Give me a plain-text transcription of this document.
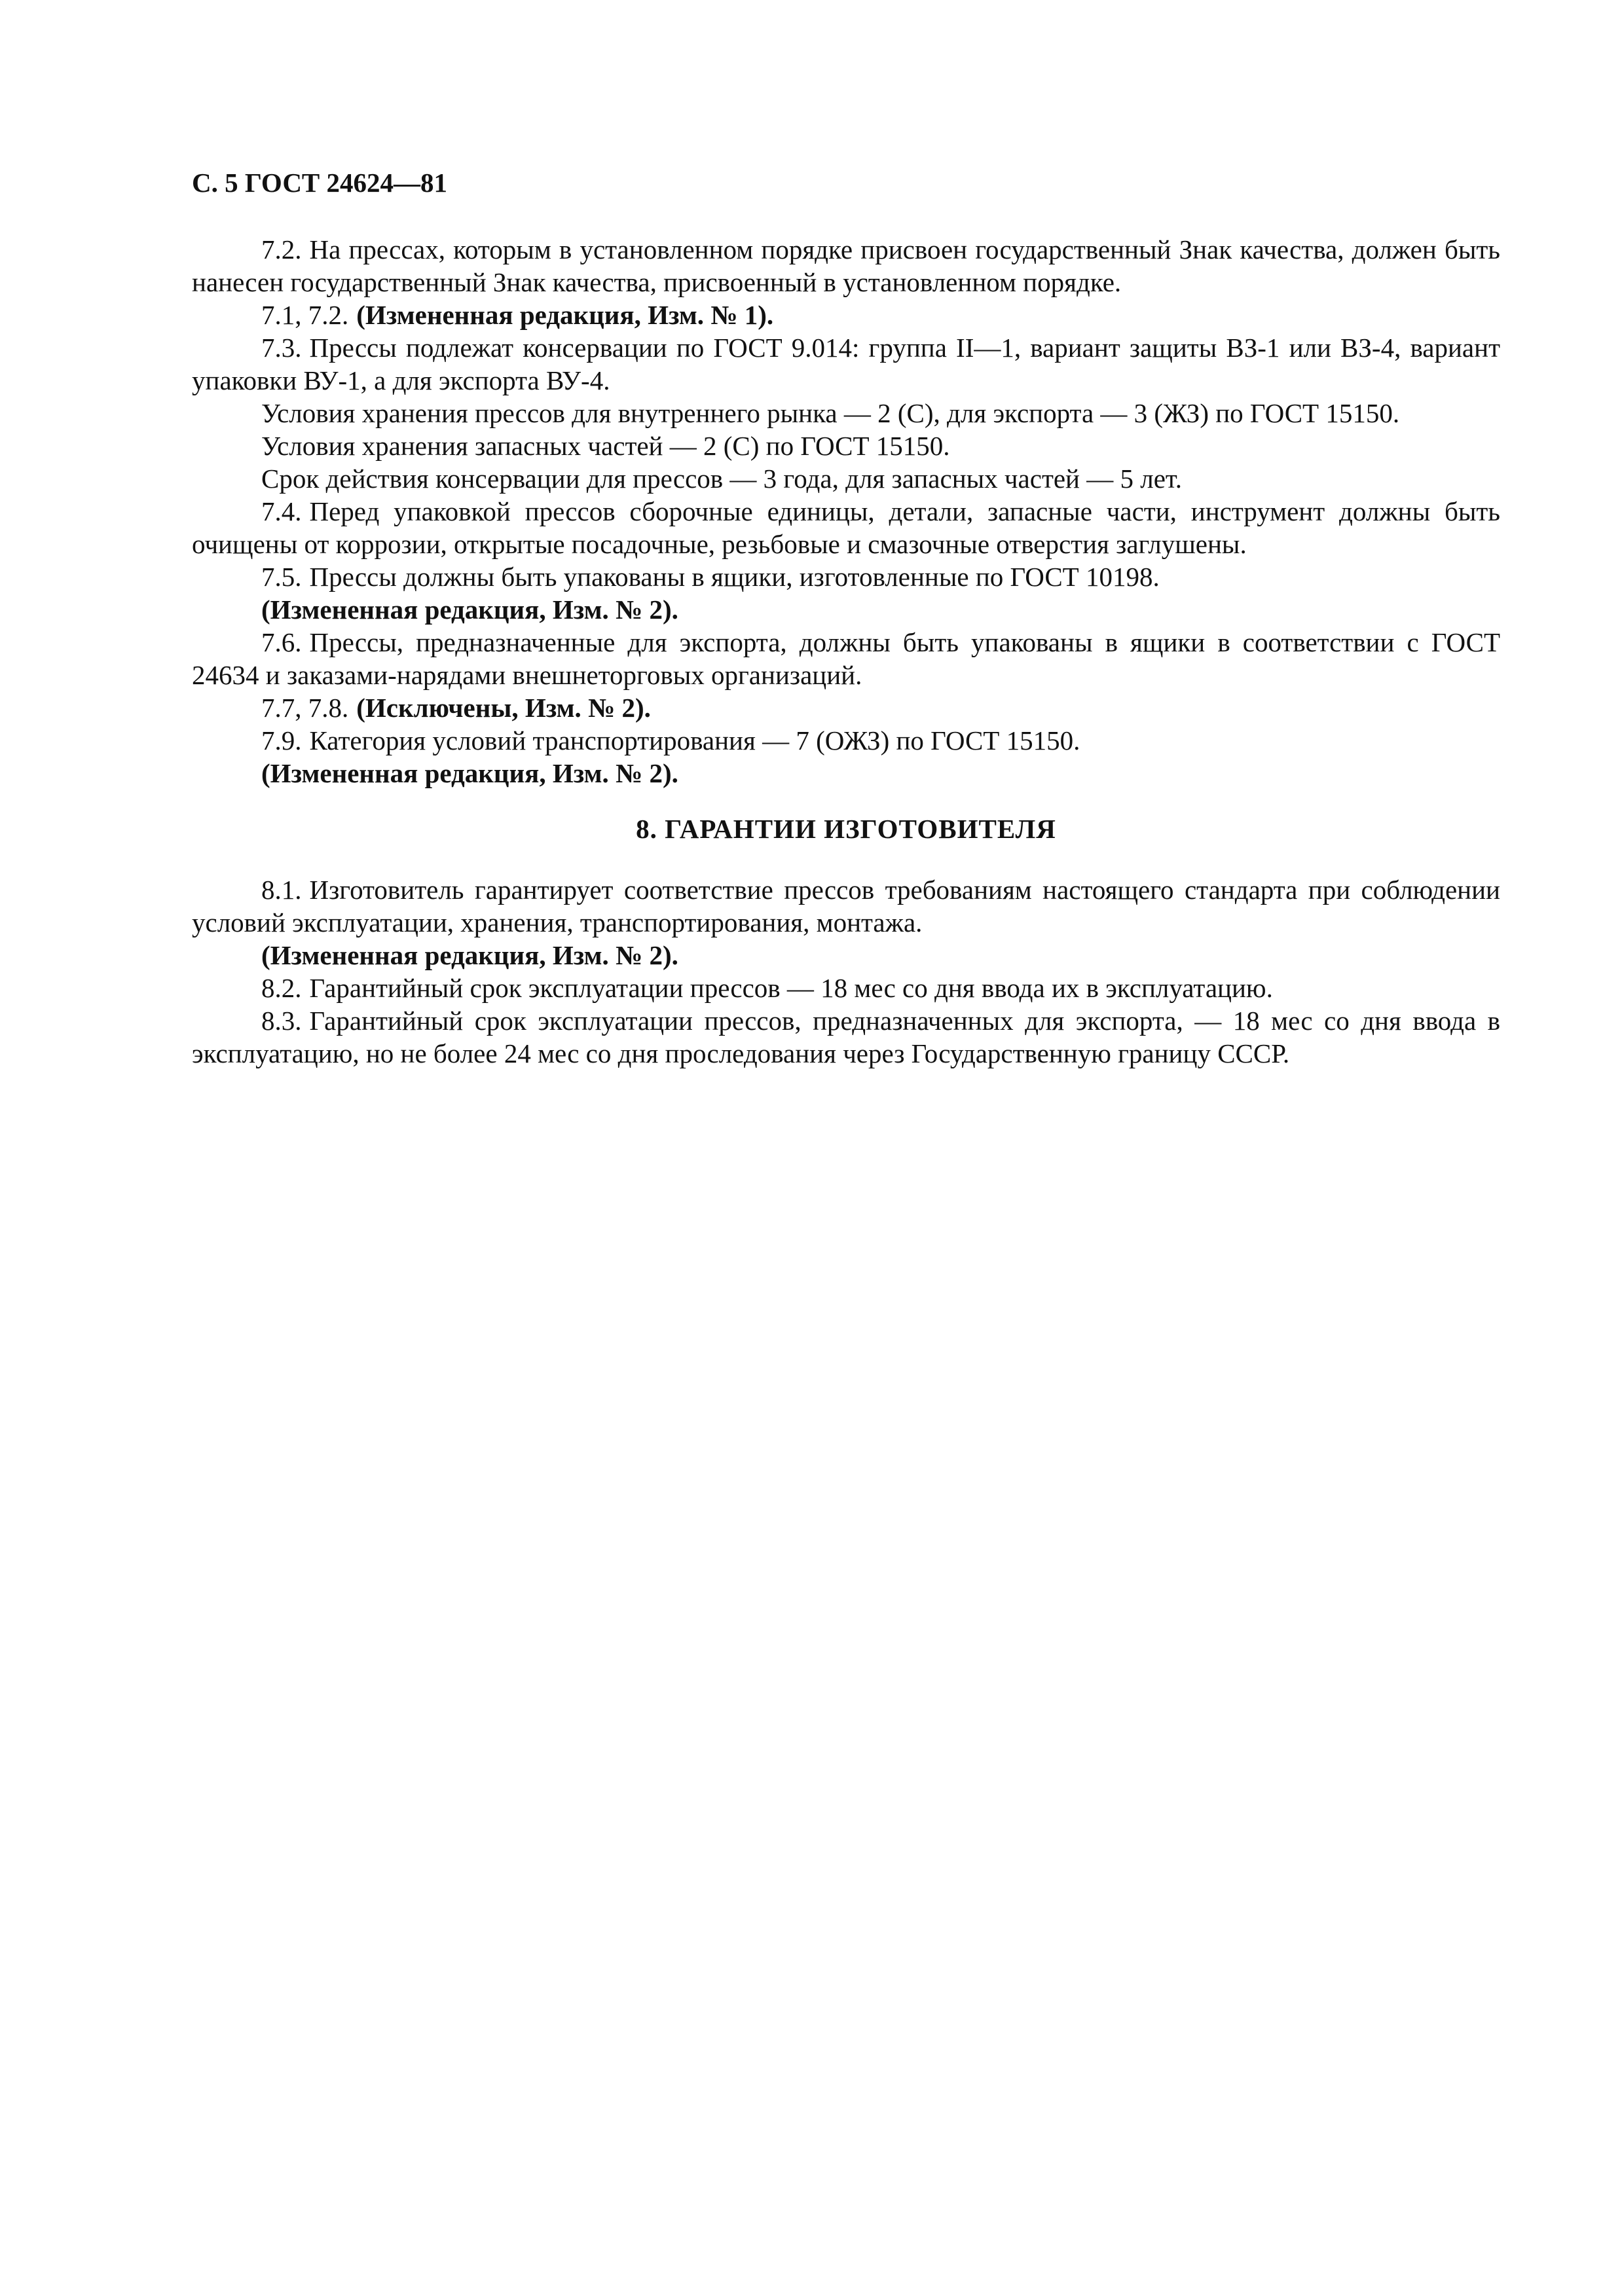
С. 5 ГОСТ 24624—81

7.2. На прессах, которым в установленном порядке присвоен государственный Знак качества, должен быть нанесен государственный Знак качества, присвоенный в установленном порядке.

7.1, 7.2. (Измененная редакция, Изм. № 1).

7.3. Прессы подлежат консервации по ГОСТ 9.014: группа II—1, вариант защиты ВЗ-1 или ВЗ-4, вариант упаковки ВУ-1, а для экспорта ВУ-4.

Условия хранения прессов для внутреннего рынка — 2 (С), для экспорта — 3 (ЖЗ) по ГОСТ 15150.

Условия хранения запасных частей — 2 (С) по ГОСТ 15150.

Срок действия консервации для прессов — 3 года, для запасных частей — 5 лет.

7.4. Перед упаковкой прессов сборочные единицы, детали, запасные части, инструмент должны быть очищены от коррозии, открытые посадочные, резьбовые и смазочные отверстия заглушены.

7.5. Прессы должны быть упакованы в ящики, изготовленные по ГОСТ 10198.

(Измененная редакция, Изм. № 2).

7.6. Прессы, предназначенные для экспорта, должны быть упакованы в ящики в соответствии с ГОСТ 24634 и заказами-нарядами внешнеторговых организаций.

7.7, 7.8. (Исключены, Изм. № 2).

7.9. Категория условий транспортирования — 7 (ОЖЗ) по ГОСТ 15150.

(Измененная редакция, Изм. № 2).

8. ГАРАНТИИ ИЗГОТОВИТЕЛЯ

8.1. Изготовитель гарантирует соответствие прессов требованиям настоящего стандарта при соблюдении условий эксплуатации, хранения, транспортирования, монтажа.

(Измененная редакция, Изм. № 2).

8.2. Гарантийный срок эксплуатации прессов — 18 мес со дня ввода их в эксплуатацию.

8.3. Гарантийный срок эксплуатации прессов, предназначенных для экспорта, — 18 мес со дня ввода в эксплуатацию, но не более 24 мес со дня проследования через Государственную границу СССР.
